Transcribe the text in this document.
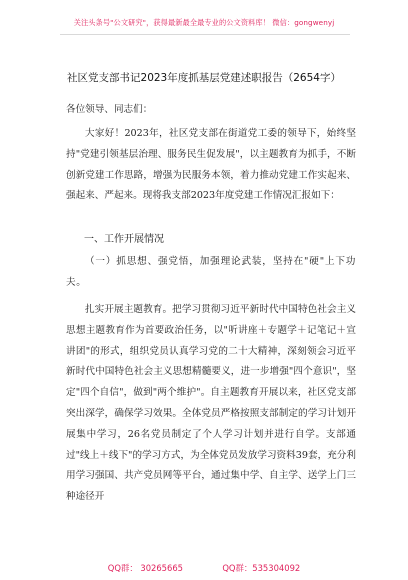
关注头条号"公文研究"，获得最新最全最专业的公文资料库！ 微信：gongwenyj
社区党支部书记2023年度抓基层党建述职报告（2654字）

各位领导、同志们：

大家好！2023年，社区党支部在街道党工委的领导下，始终坚持"党建引领基层治理、服务民生促发展"，以主题教育为抓手，不断创新党建工作思路，增强为民服务本领，着力推动党建工作实起来、强起来、严起来。现将我支部2023年度党建工作情况汇报如下：

一、工作开展情况

（一）抓思想、强党悟，加强理论武装，坚持在"硬"上下功夫。

扎实开展主题教育。把学习贯彻习近平新时代中国特色社会主义思想主题教育作为首要政治任务，以"听讲座＋专题学＋记笔记＋宣讲团"的形式，组织党员认真学习党的二十大精神，深刻领会习近平新时代中国特色社会主义思想精髓要义，进一步增强"四个意识"，坚定"四个自信"，做到"两个维护"。自主题教育开展以来，社区党支部突出深学，确保学习效果。全体党员严格按照支部制定的学习计划开展集中学习，26名党员制定了个人学习计划并进行自学。支部通过"线上＋线下"的学习方式，为全体党员发放学习资料39套，充分利用学习强国、共产党员网等平台，通过集中学、自主学、送学上门三种途径开

QQ群： 30265665	QQ群：535304092
